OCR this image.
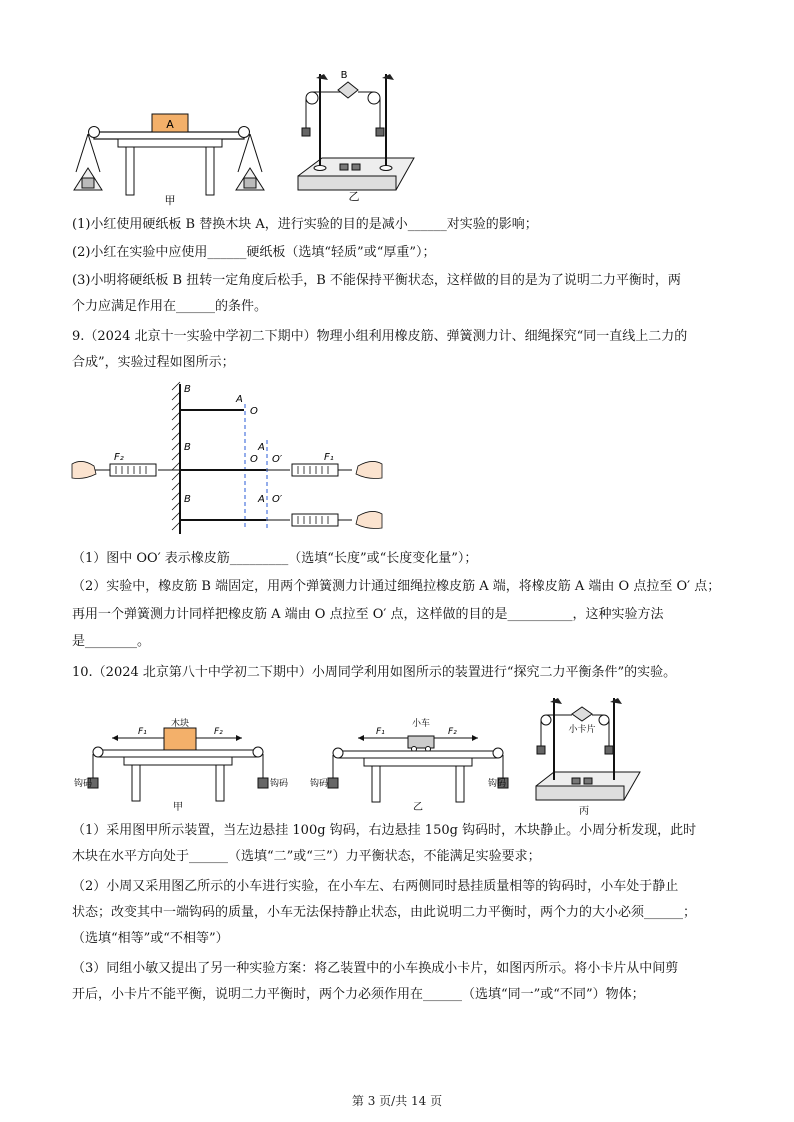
A
甲
B
乙
(1)小红使用硬纸板 B 替换木块 A，进行实验的目的是减小______对实验的影响；
(2)小红在实验中应使用______硬纸板（选填“轻质”或“厚重”）；
(3)小明将硬纸板 B 扭转一定角度后松手，B 不能保持平衡状态，这样做的目的是为了说明二力平衡时，两
个力应满足作用在______的条件。
9.（2024 北京十一实验中学初二下期中）物理小组利用橡皮筋、弹簧测力计、细绳探究“同一直线上二力的
合成”，实验过程如图所示；
B
A
O
B	A
O O′
F₂	F₁
B	A O′
（1）图中 OO′ 表示橡皮筋_________（选填“长度”或“长度变化量”）；
（2）实验中，橡皮筋 B 端固定，用两个弹簧测力计通过细绳拉橡皮筋 A 端，将橡皮筋 A 端由 O 点拉至 O′ 点；
再用一个弹簧测力计同样把橡皮筋 A 端由 O 点拉至 O′ 点，这样做的目的是__________，这种实验方法
是________。
10.（2024 北京第八十中学初二下期中）小周同学利用如图所示的装置进行“探究二力平衡条件”的实验。
F₁	F₂
木块
钩码	钩码
甲
F₁	F₂
小车
钩码	钩码
乙
小卡片
丙
（1）采用图甲所示装置，当左边悬挂 100g 钩码，右边悬挂 150g 钩码时，木块静止。小周分析发现，此时
木块在水平方向处于______（选填“二”或“三”）力平衡状态，不能满足实验要求；
（2）小周又采用图乙所示的小车进行实验，在小车左、右两侧同时悬挂质量相等的钩码时，小车处于静止
状态；改变其中一端钩码的质量，小车无法保持静止状态，由此说明二力平衡时，两个力的大小必须______；
（选填“相等”或“不相等”）
（3）同组小敏又提出了另一种实验方案：将乙装置中的小车换成小卡片，如图丙所示。将小卡片从中间剪
开后，小卡片不能平衡，说明二力平衡时，两个力必须作用在______（选填“同一”或“不同”）物体；
第 3 页/共 14 页
